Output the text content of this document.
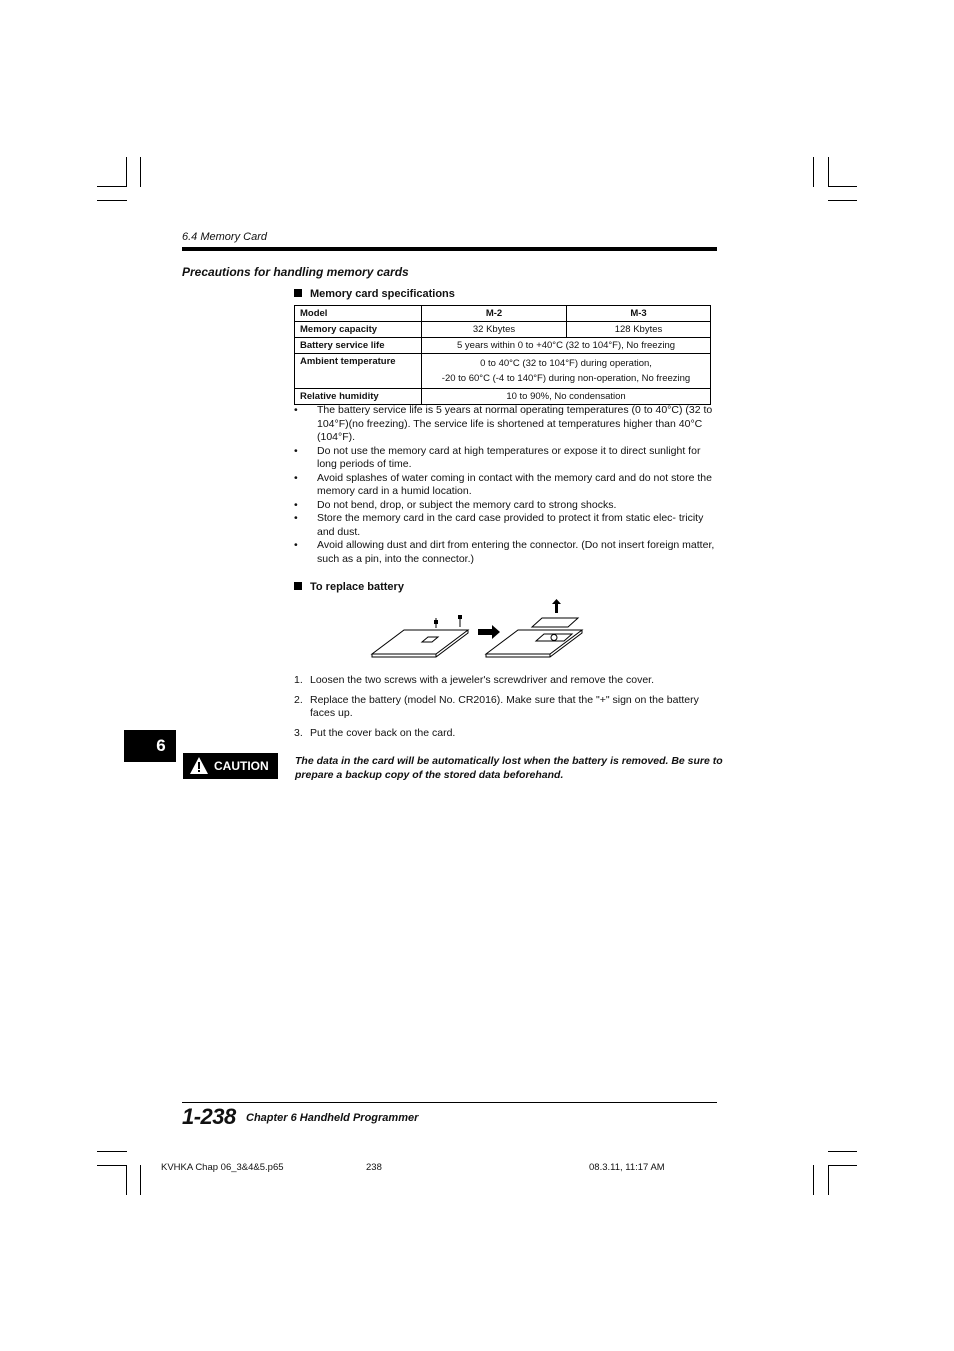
6.4 Memory Card
Precautions for handling memory cards
Memory card specifications
Model	M-2	M-3
Memory capacity	32 Kbytes	128 Kbytes
Battery service life	5 years within 0 to +40°C (32 to 104°F), No freezing	
Ambient temperature	0 to 40°C (32 to 104°F) during operation,
-20 to 60°C (-4 to 140°F) during non-operation, No freezing	

Relative humidity	10 to 90%, No condensation	
• The battery service life is 5 years at normal operating temperatures (0 to 40°C) (32 to 104°F)(no freezing). The service life is shortened at temperatures higher than 40°C (104°F).
• Do not use the memory card at high temperatures or expose it to direct sunlight for long periods of time.
• Avoid splashes of water coming in contact with the memory card and do not store the memory card in a humid location.
• Do not bend, drop, or subject the memory card to strong shocks.
• Store the memory card in the card case provided to protect it from static elec- tricity and dust.
• Avoid allowing dust and dirt from entering the connector. (Do not insert foreign matter, such as a pin, into the connector.)
To replace battery
1. Loosen the two screws with a jeweler's screwdriver and remove the cover.
2. Replace the battery (model No. CR2016). Make sure that the "+" sign on the battery faces up.
3. Put the cover back on the card.
6
CAUTION	The data in the card will be automatically lost when the battery is removed. Be sure to prepare a backup copy of the stored data beforehand.
1-238 Chapter 6 Handheld Programmer
KVHKA Chap 06_3&4&5.p65	238	08.3.11, 11:17 AM
